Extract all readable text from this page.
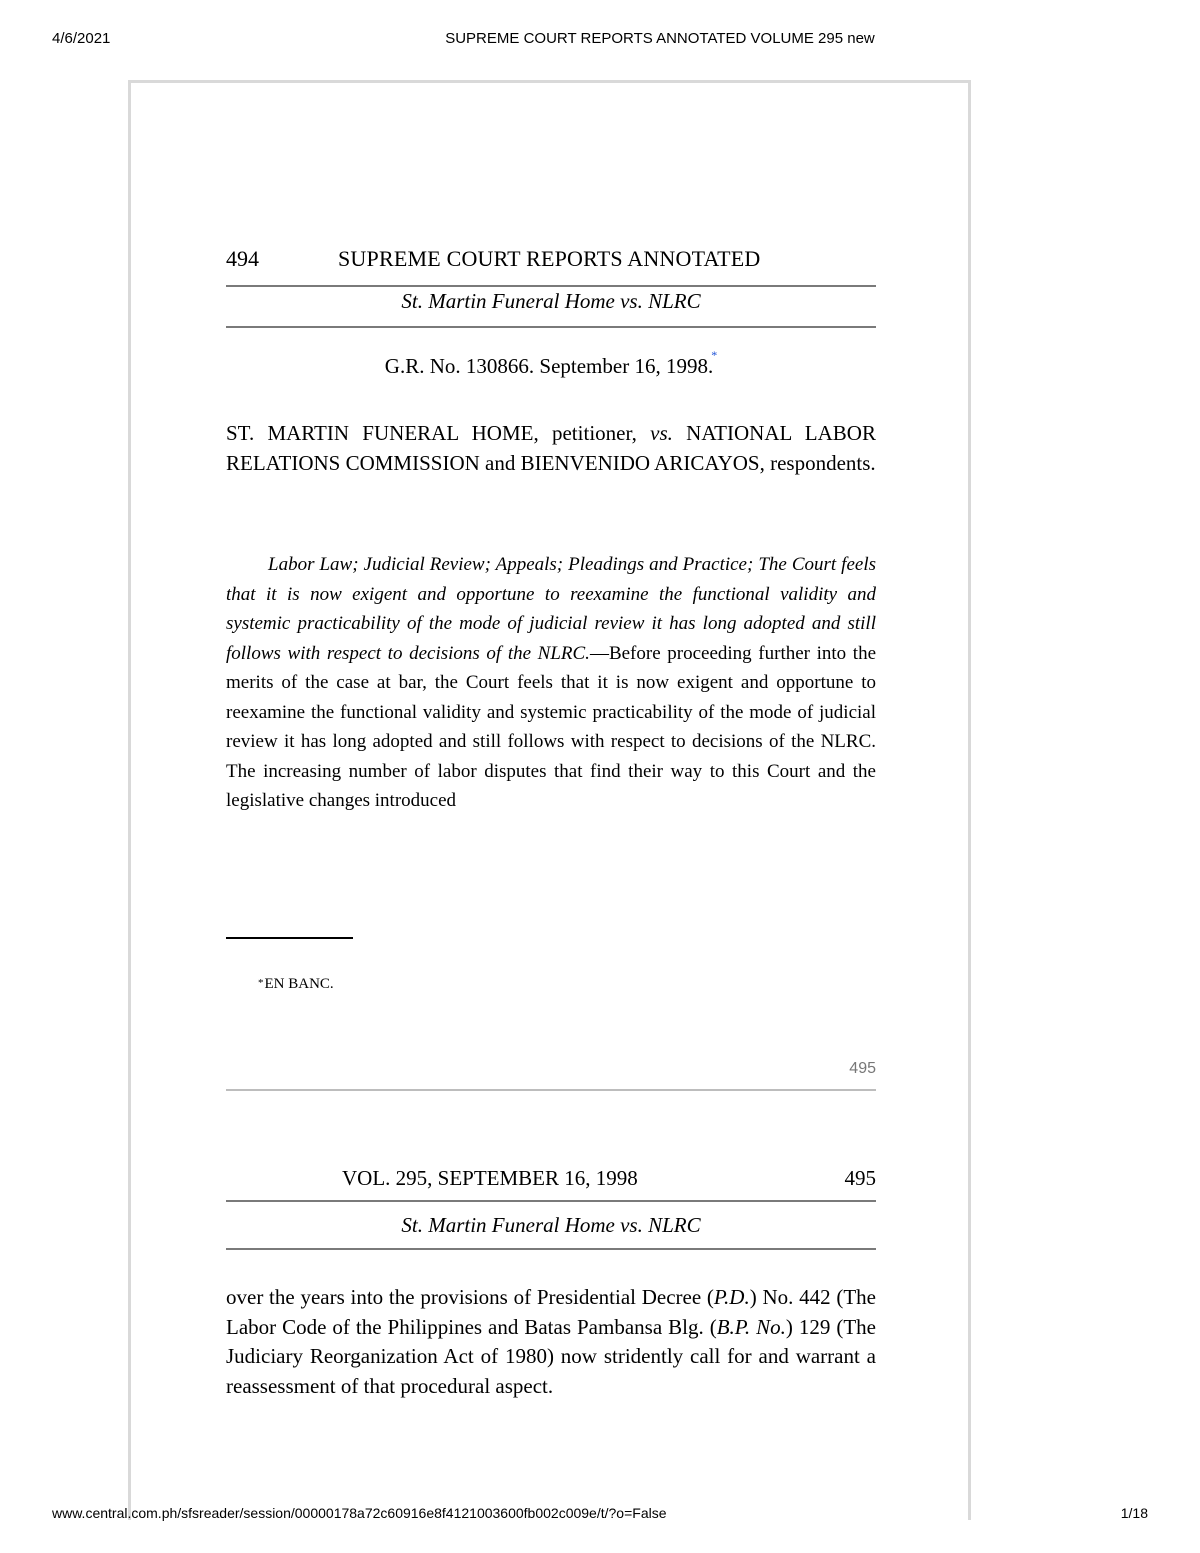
4/6/2021	SUPREME COURT REPORTS ANNOTATED VOLUME 295 new
494	SUPREME COURT REPORTS ANNOTATED
St. Martin Funeral Home vs. NLRC
G.R. No. 130866. September 16, 1998.*
ST. MARTIN FUNERAL HOME, petitioner, vs. NATIONAL LABOR RELATIONS COMMISSION and BIENVENIDO ARICAYOS, respondents.
Labor Law; Judicial Review; Appeals; Pleadings and Practice; The Court feels that it is now exigent and opportune to reexamine the functional validity and systemic practicability of the mode of judicial review it has long adopted and still follows with respect to decisions of the NLRC.—Before proceeding further into the merits of the case at bar, the Court feels that it is now exigent and opportune to reexamine the functional validity and systemic practicability of the mode of judicial review it has long adopted and still follows with respect to decisions of the NLRC. The increasing number of labor disputes that find their way to this Court and the legislative changes introduced
*EN BANC.
495
VOL. 295, SEPTEMBER 16, 1998	495
St. Martin Funeral Home vs. NLRC
over the years into the provisions of Presidential Decree (P.D.) No. 442 (The Labor Code of the Philippines and Batas Pambansa Blg. (B.P. No.) 129 (The Judiciary Reorganization Act of 1980) now stridently call for and warrant a reassessment of that procedural aspect.
www.central.com.ph/sfsreader/session/00000178a72c60916e8f4121003600fb002c009e/t/?o=False	1/18
